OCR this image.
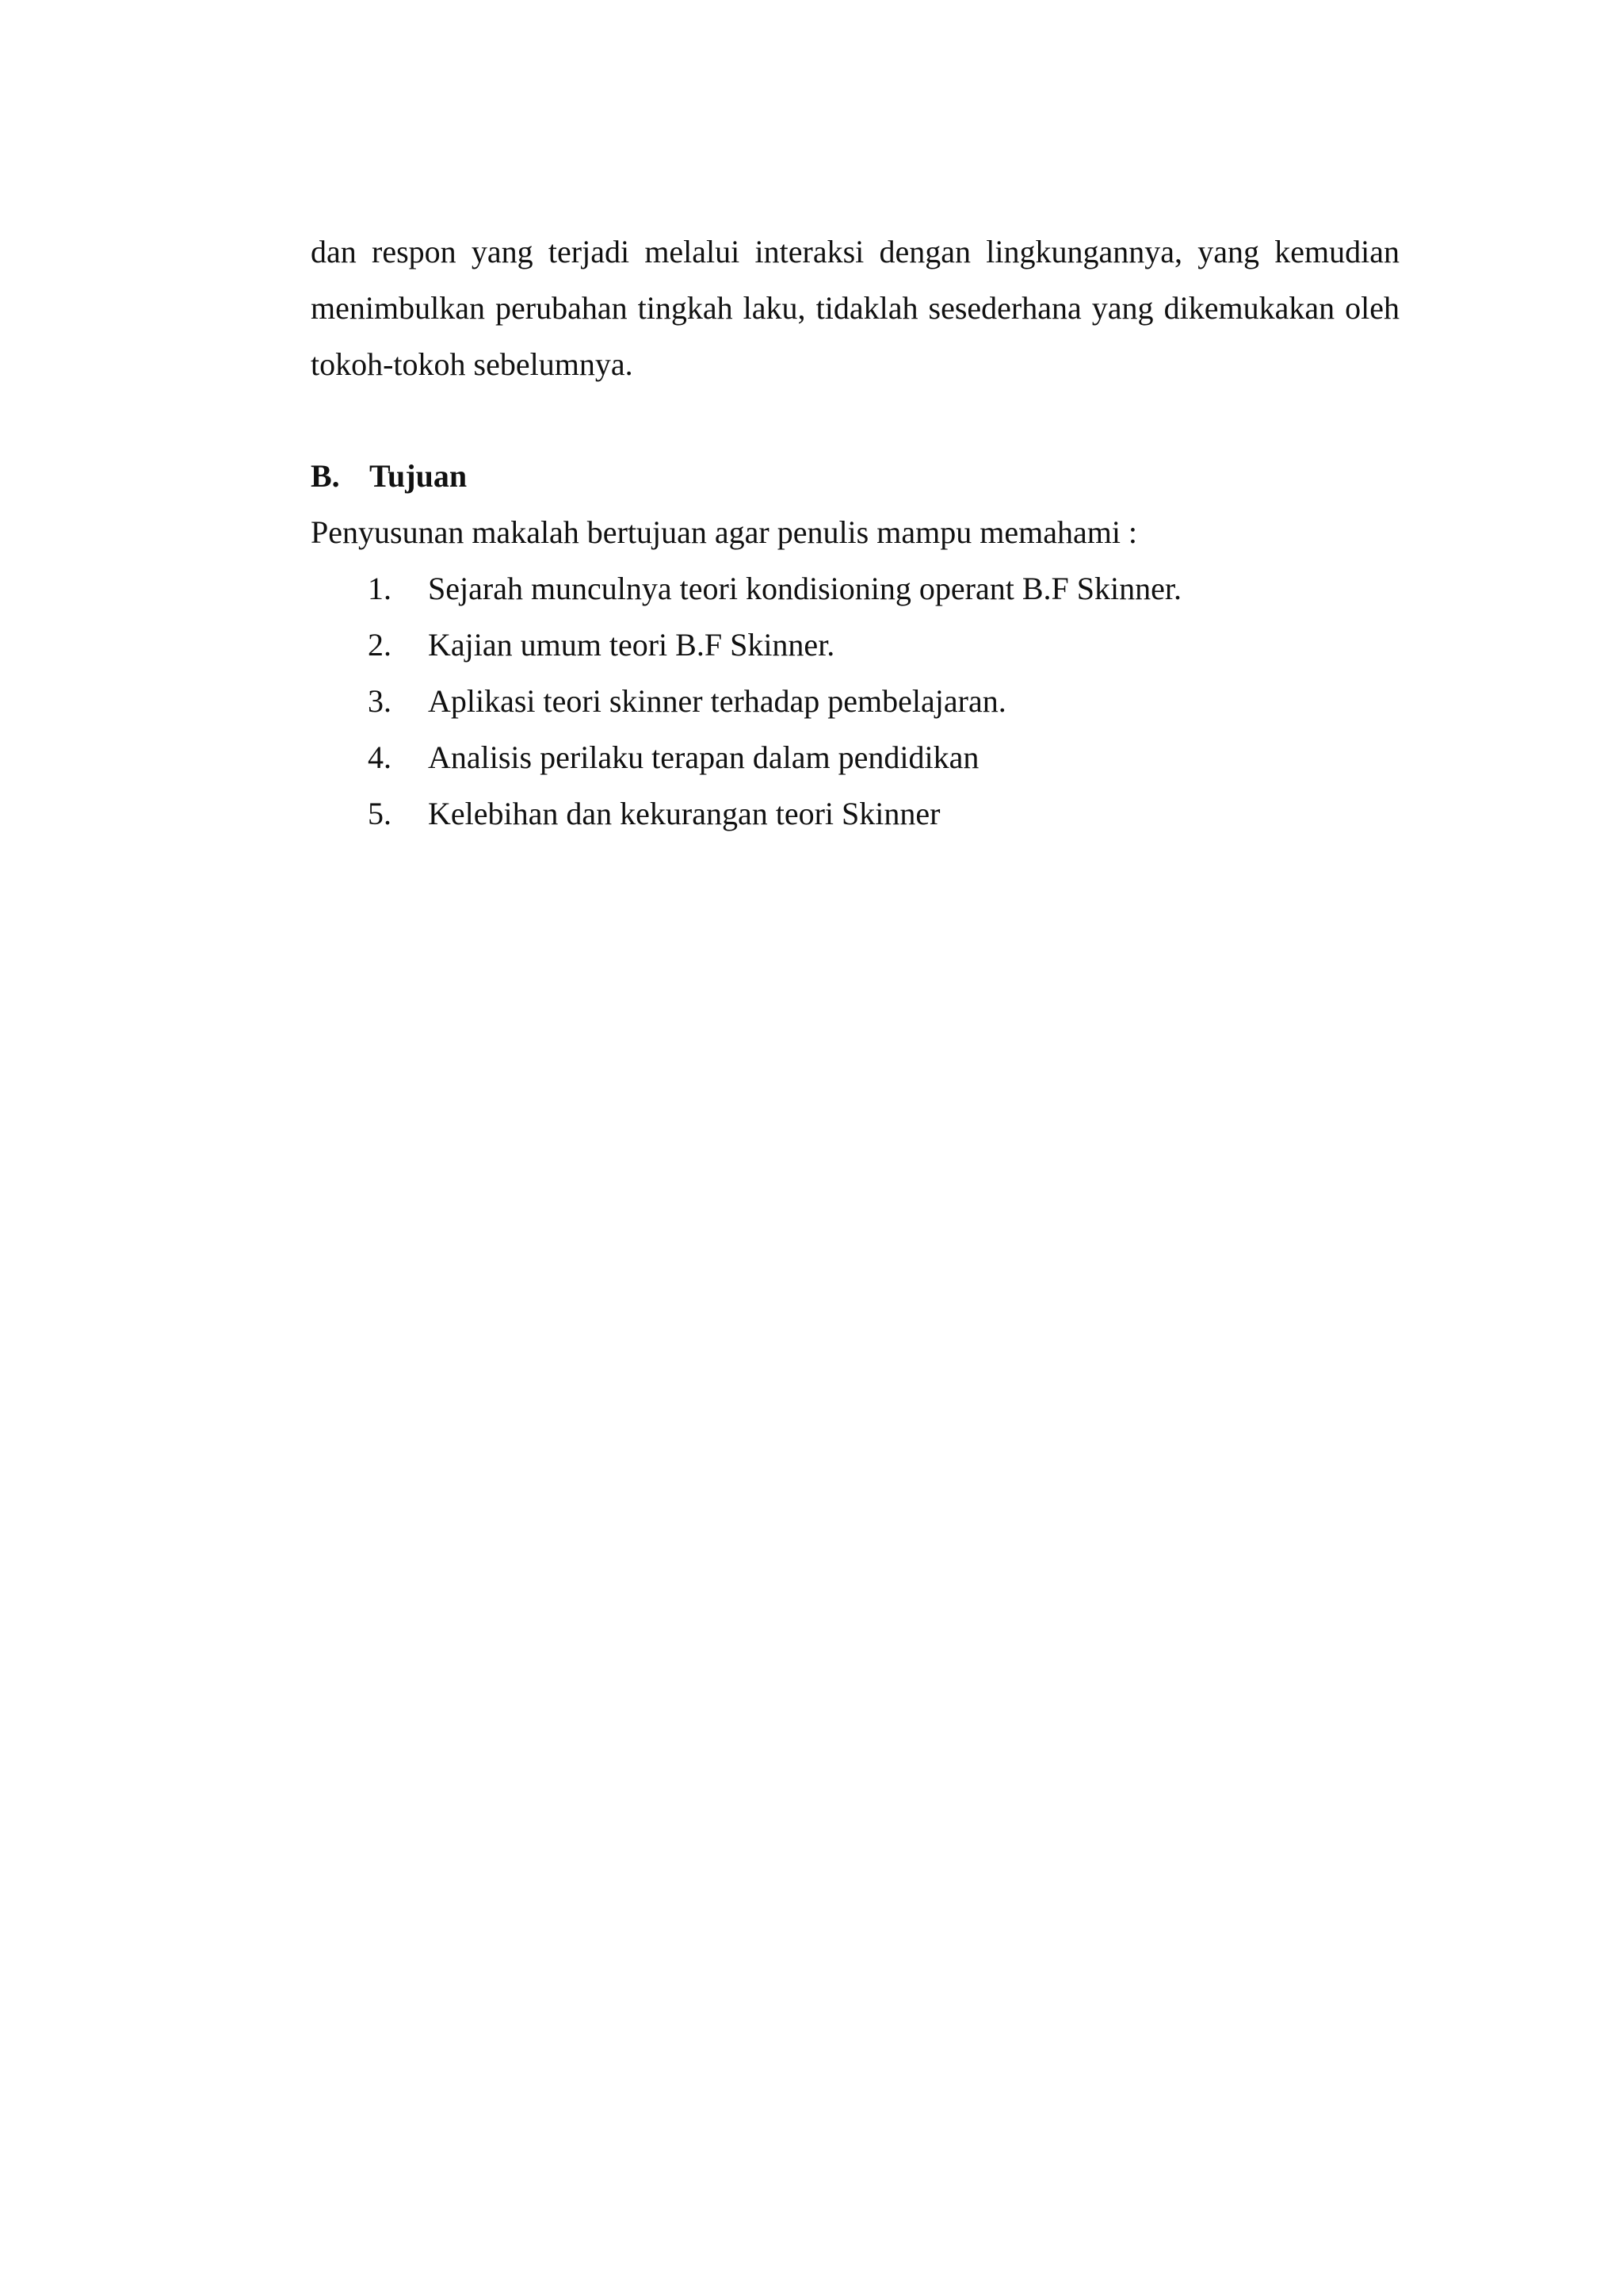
dan respon yang terjadi melalui interaksi dengan lingkungannya, yang kemudian menimbulkan perubahan tingkah laku, tidaklah sesederhana yang dikemukakan oleh tokoh-tokoh sebelumnya.

B. Tujuan

Penyusunan makalah bertujuan agar penulis mampu memahami :

1.	Sejarah munculnya teori kondisioning operant B.F Skinner.
2.	Kajian umum teori B.F Skinner.
3.	Aplikasi teori skinner terhadap pembelajaran.
4.	Analisis perilaku terapan dalam pendidikan
5.	Kelebihan dan kekurangan teori Skinner
